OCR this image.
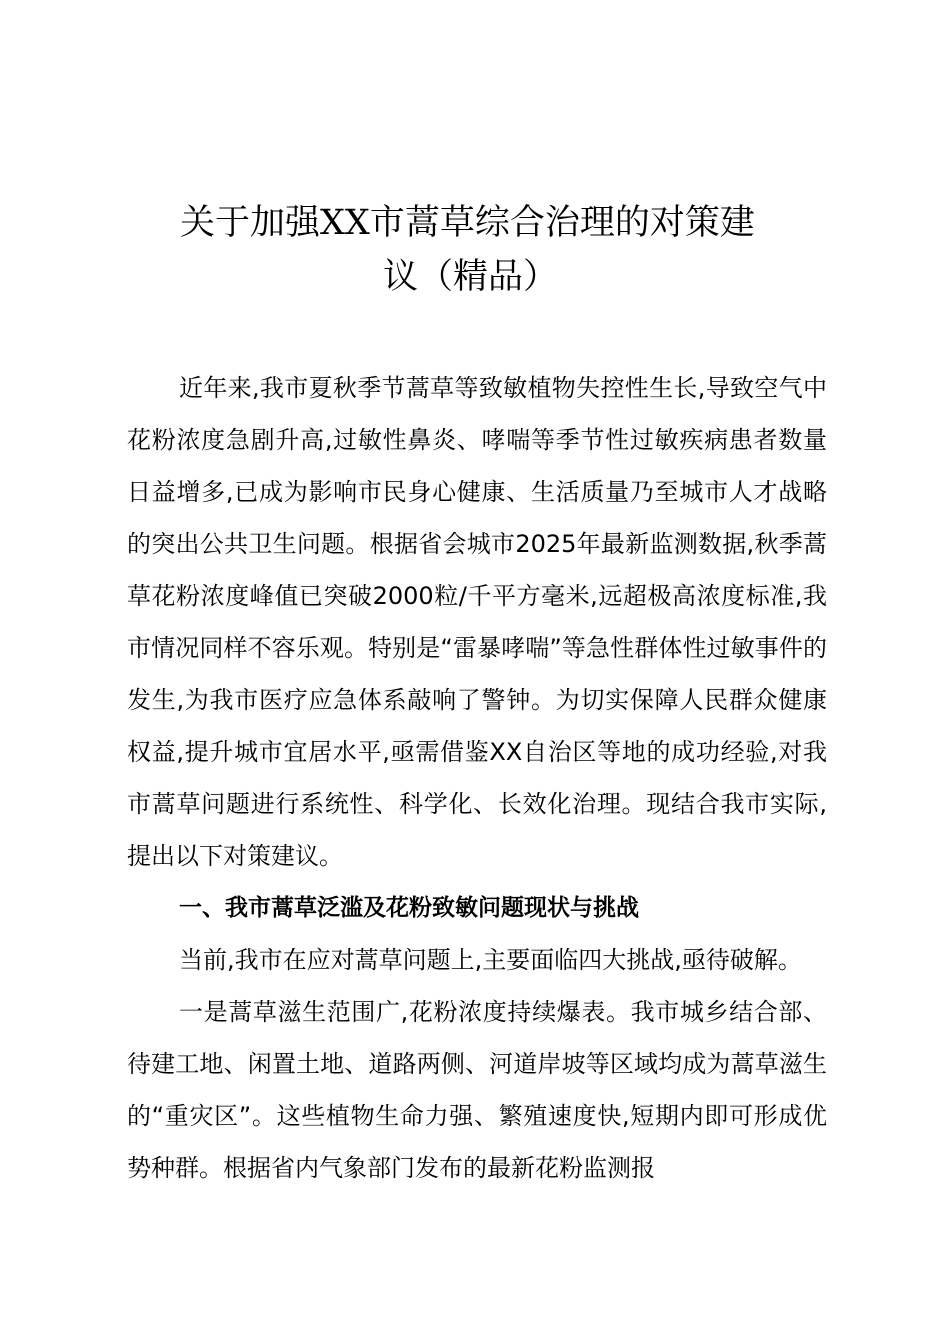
关于加强XX市蒿草综合治理的对策建
议（精品）

近年来,我市夏秋季节蒿草等致敏植物失控性生长,导致空气中花粉浓度急剧升高,过敏性鼻炎、哮喘等季节性过敏疾病患者数量日益增多,已成为影响市民身心健康、生活质量乃至城市人才战略的突出公共卫生问题。根据省会城市2025年最新监测数据,秋季蒿草花粉浓度峰值已突破2000粒/千平方毫米,远超极高浓度标准,我市情况同样不容乐观。特别是“雷暴哮喘”等急性群体性过敏事件的发生,为我市医疗应急体系敲响了警钟。为切实保障人民群众健康权益,提升城市宜居水平,亟需借鉴XX自治区等地的成功经验,对我市蒿草问题进行系统性、科学化、长效化治理。现结合我市实际,提出以下对策建议。

一、我市蒿草泛滥及花粉致敏问题现状与挑战

当前,我市在应对蒿草问题上,主要面临四大挑战,亟待破解。

一是蒿草滋生范围广,花粉浓度持续爆表。我市城乡结合部、待建工地、闲置土地、道路两侧、河道岸坡等区域均成为蒿草滋生的“重灾区”。这些植物生命力强、繁殖速度快,短期内即可形成优势种群。根据省内气象部门发布的最新花粉监测报
